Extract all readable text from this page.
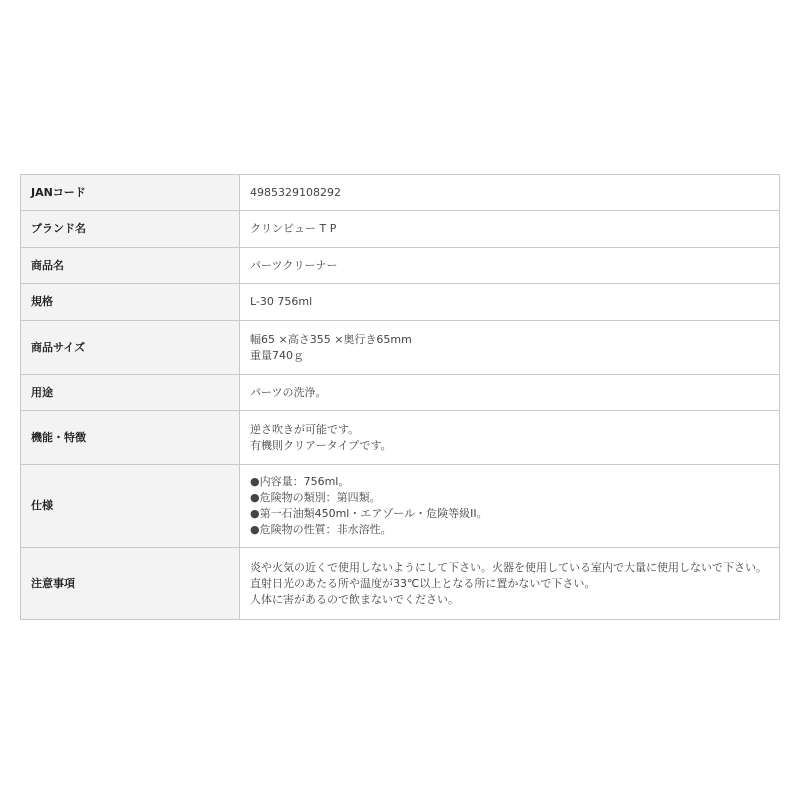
JANコード	4985329108292

ブランド名	クリンビュー T P

商品名	パーツクリーナー

規格	L-30 756ml

商品サイズ	幅65 ×高さ355 ×奥行き65mm
重量740ｇ

用途	パーツの洗浄。

機能・特徴	逆さ吹きが可能です。
有機則クリアータイプです。

仕様	●内容量：756ml。
●危険物の類別：第四類。
●第一石油類450ml・エアゾール・危険等級II。
●危険物の性質：非水溶性。

注意事項	炎や火気の近くで使用しないようにして下さい。火器を使用している室内で大量に使用しないで下さい。
直射日光のあたる所や温度が33℃以上となる所に置かないで下さい。
人体に害があるので飲まないでください。
